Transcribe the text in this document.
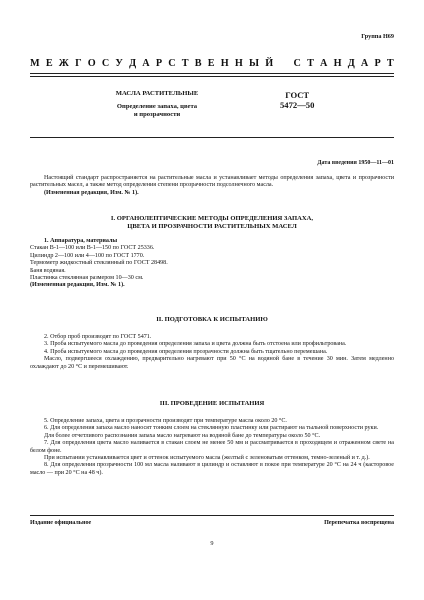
Группа Н69
М Е Ж Г О С У Д А Р С Т В Е Н Н Ы Й С Т А Н Д А Р Т
МАСЛА РАСТИТЕЛЬНЫЕ
Определение запаха, цвета
и прозрачности
ГОСТ
5472—50
Дата введения 1950—11—01

Настоящий стандарт распространяется на растительные масла и устанавливает методы определения запаха, цвета и прозрачности растительных масел, а также метод определения степени прозрачности подсолнечного масла.

(Измененная редакция, Изм. № 1).

I. ОРГАНОЛЕПТИЧЕСКИЕ МЕТОДЫ ОПРЕДЕЛЕНИЯ ЗАПАХА,
ЦВЕТА И ПРОЗРАЧНОСТИ РАСТИТЕЛЬНЫХ МАСЕЛ

1. Аппаратура, материалы

Стакан В-1—100 или В-1—150 по ГОСТ 25336.

Цилиндр 2—100 или 4—100 по ГОСТ 1770.

Термометр жидкостный стеклянный по ГОСТ 28498.

Баня водяная.

Пластинка стеклянная размером 10—30 см.

(Измененная редакция, Изм. № 1).

II. ПОДГОТОВКА К ИСПЫТАНИЮ

2. Отбор проб производят по ГОСТ 5471.

3. Проба испытуемого масла до проведения определения запаха и цвета должна быть отстоена или профильтрована.

4. Проба испытуемого масла до проведения определения прозрачности должна быть тщательно перемешана.

Масло, подвергшееся охлаждению, предварительно нагревают при 50 °С на водяной бане в течение 30 мин. Затем медленно охлаждают до 20 °С и перемешивают.

III. ПРОВЕДЕНИЕ ИСПЫТАНИЯ

5. Определение запаха, цвета и прозрачности производят при температуре масла около 20 °С.

6. Для определения запаха масло наносят тонким слоем на стеклянную пластинку или растирают на тыльной поверхности руки.

Для более отчетливого распознания запаха масло нагревают на водяной бане до температуры около 50 °С.

7. Для определения цвета масло наливается в стакан слоем не менее 50 мм и рассматривается в проходящем и отраженном свете на белом фоне.

При испытании устанавливается цвет и оттенок испытуемого масла (желтый с зеленоватым оттенком, темно-зеленый и т. д.).

8. Для определения прозрачности 100 мл масла наливают в цилиндр и оставляют в покое при температуре 20 °С на 24 ч (касторовое масло — при 20 °С на 48 ч).

Издание официальное	Перепечатка воспрещена
9
